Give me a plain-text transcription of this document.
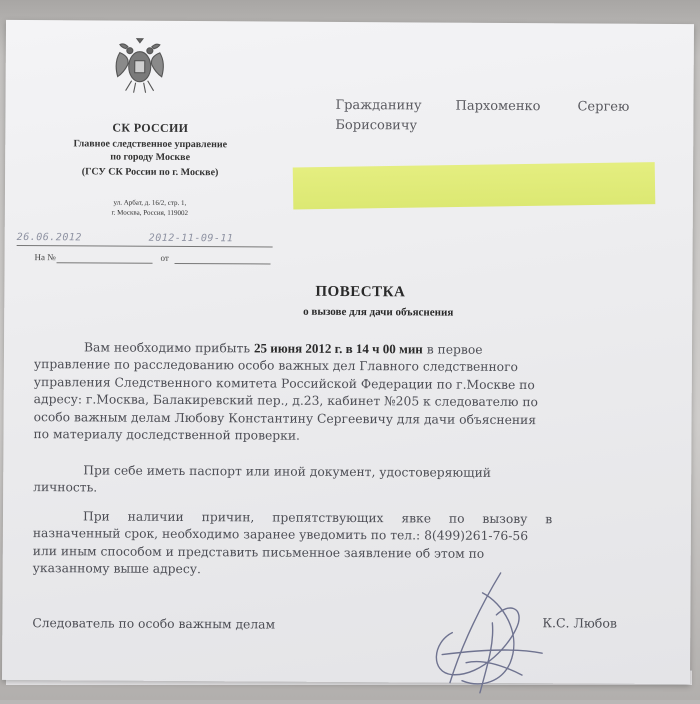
СК РОССИИ
Главное следственное управление
по городу Москве
(ГСУ СК России по г. Москве)
ул. Арбат, д. 16/2, стр. 1,
г. Москва, Россия, 119002
26.06.2012	2012-11-09-11
На №	от
Гражданину	Пархоменко	Сергею
Борисовичу
ПОВЕСТКА
о вызове для дачи объяснения
Вам необходимо прибыть 25 июня 2012 г. в 14 ч 00 мин в первое
управление по расследованию особо важных дел Главного следственного
управления Следственного комитета Российской Федерации по г.Москве по
адресу: г.Москва, Балакиревский пер., д.23, кабинет №205 к следователю по
особо важным делам Любову Константину Сергеевичу для дачи объяснения
по материалу доследственной проверки.
При себе иметь паспорт или иной документ, удостоверяющий
личность.
При наличии причин, препятствующих явке по вызову в
назначенный срок, необходимо заранее уведомить по тел.: 8(499)261-76-56
или иным способом и представить письменное заявление об этом по
указанному выше адресу.
Следователь по особо важным делам	К.С. Любов
